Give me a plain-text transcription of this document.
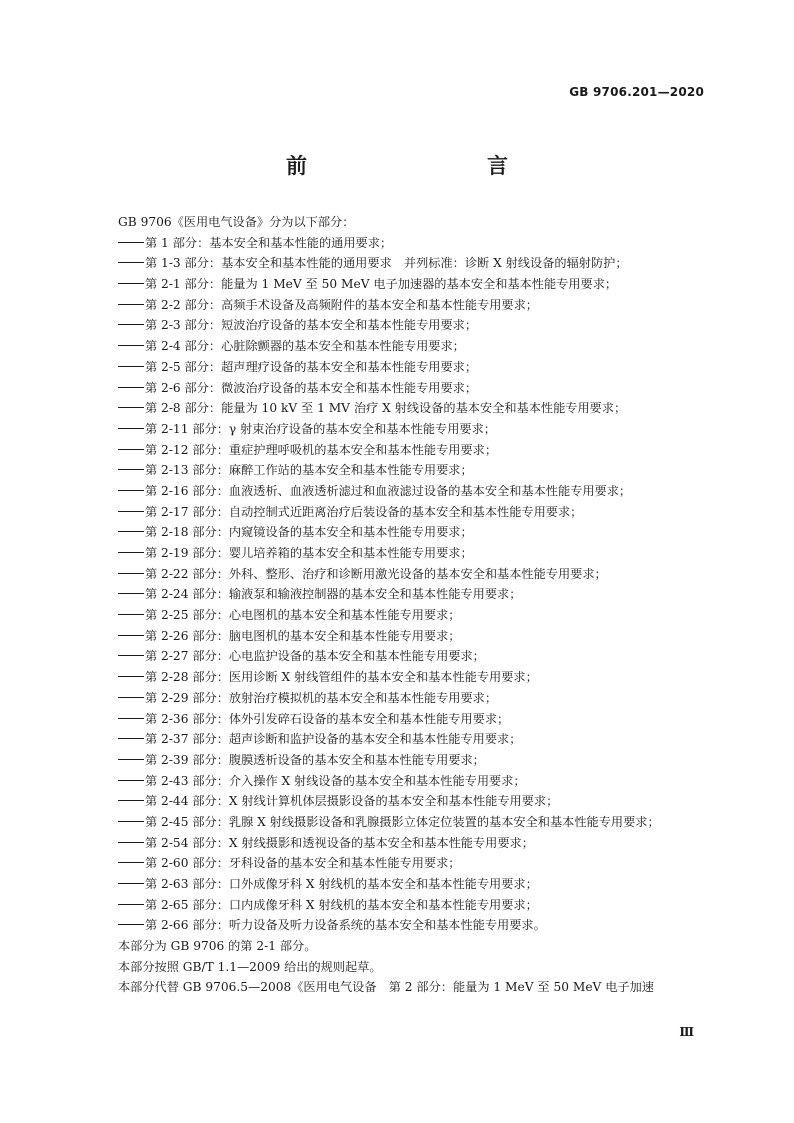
GB 9706.201—2020
前　　言
GB 9706《医用电气设备》分为以下部分：
第 1 部分：基本安全和基本性能的通用要求；
第 1-3 部分：基本安全和基本性能的通用要求　并列标准：诊断 X 射线设备的辐射防护；
第 2-1 部分：能量为 1 MeV 至 50 MeV 电子加速器的基本安全和基本性能专用要求；
第 2-2 部分：高频手术设备及高频附件的基本安全和基本性能专用要求；
第 2-3 部分：短波治疗设备的基本安全和基本性能专用要求；
第 2-4 部分：心脏除颤器的基本安全和基本性能专用要求；
第 2-5 部分：超声理疗设备的基本安全和基本性能专用要求；
第 2-6 部分：微波治疗设备的基本安全和基本性能专用要求；
第 2-8 部分：能量为 10 kV 至 1 MV 治疗 X 射线设备的基本安全和基本性能专用要求；
第 2-11 部分：γ 射束治疗设备的基本安全和基本性能专用要求；
第 2-12 部分：重症护理呼吸机的基本安全和基本性能专用要求；
第 2-13 部分：麻醉工作站的基本安全和基本性能专用要求；
第 2-16 部分：血液透析、血液透析滤过和血液滤过设备的基本安全和基本性能专用要求；
第 2-17 部分：自动控制式近距离治疗后装设备的基本安全和基本性能专用要求；
第 2-18 部分：内窥镜设备的基本安全和基本性能专用要求；
第 2-19 部分：婴儿培养箱的基本安全和基本性能专用要求；
第 2-22 部分：外科、整形、治疗和诊断用激光设备的基本安全和基本性能专用要求；
第 2-24 部分：输液泵和输液控制器的基本安全和基本性能专用要求；
第 2-25 部分：心电图机的基本安全和基本性能专用要求；
第 2-26 部分：脑电图机的基本安全和基本性能专用要求；
第 2-27 部分：心电监护设备的基本安全和基本性能专用要求；
第 2-28 部分：医用诊断 X 射线管组件的基本安全和基本性能专用要求；
第 2-29 部分：放射治疗模拟机的基本安全和基本性能专用要求；
第 2-36 部分：体外引发碎石设备的基本安全和基本性能专用要求；
第 2-37 部分：超声诊断和监护设备的基本安全和基本性能专用要求；
第 2-39 部分：腹膜透析设备的基本安全和基本性能专用要求；
第 2-43 部分：介入操作 X 射线设备的基本安全和基本性能专用要求；
第 2-44 部分：X 射线计算机体层摄影设备的基本安全和基本性能专用要求；
第 2-45 部分：乳腺 X 射线摄影设备和乳腺摄影立体定位装置的基本安全和基本性能专用要求；
第 2-54 部分：X 射线摄影和透视设备的基本安全和基本性能专用要求；
第 2-60 部分：牙科设备的基本安全和基本性能专用要求；
第 2-63 部分：口外成像牙科 X 射线机的基本安全和基本性能专用要求；
第 2-65 部分：口内成像牙科 X 射线机的基本安全和基本性能专用要求；
第 2-66 部分：听力设备及听力设备系统的基本安全和基本性能专用要求。
本部分为 GB 9706 的第 2-1 部分。
本部分按照 GB/T 1.1—2009 给出的规则起草。
本部分代替 GB 9706.5—2008《医用电气设备　第 2 部分：能量为 1 MeV 至 50 MeV 电子加速
Ⅲ
